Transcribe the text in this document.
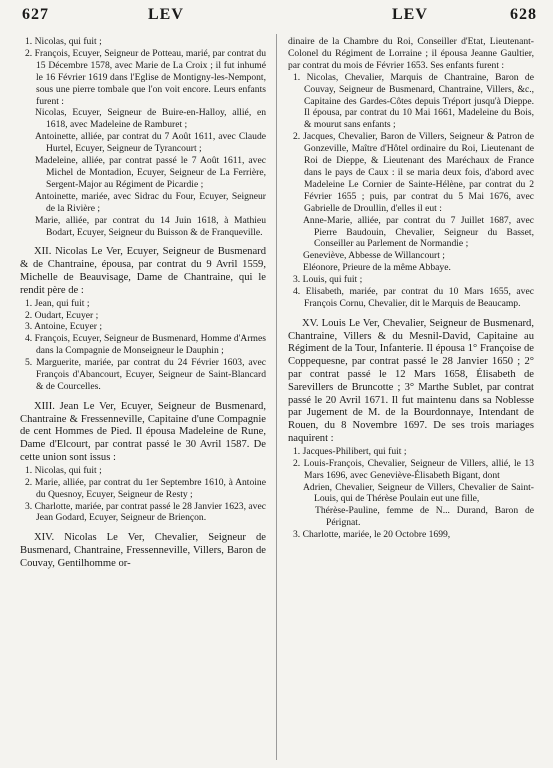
627	LEV	LEV	628

1. Nicolas, qui fuit ;

2. François, Ecuyer, Seigneur de Potteau, marié, par contrat du 15 Décembre 1578, avec Marie de La Croix ; il fut inhumé le 16 Février 1619 dans l'Eglise de Montigny-les-Nempont, sous une pierre tombale que l'on voit encore. Leurs enfants furent :

Nicolas, Ecuyer, Seigneur de Buire-en-Halloy, allié, en 1618, avec Madeleine de Ramburet ;

Antoinette, alliée, par contrat du 7 Août 1611, avec Claude Hurtel, Ecuyer, Seigneur de Tyrancourt ;

Madeleine, alliée, par contrat passé le 7 Août 1611, avec Michel de Montadion, Ecuyer, Seigneur de La Ferrière, Sergent-Major au Régiment de Picardie ;

Antoinette, mariée, avec Sidrac du Four, Ecuyer, Seigneur de la Rivière ;

Marie, alliée, par contrat du 14 Juin 1618, à Mathieu Bodart, Ecuyer, Seigneur du Buisson & de Franqueville.

XII. Nicolas Le Ver, Ecuyer, Seigneur de Busmenard & de Chantraine, épousa, par contrat du 9 Avril 1559, Michelle de Beauvisage, Dame de Chantraine, qui le rendit père de :

1. Jean, qui fuit ;

2. Oudart, Ecuyer ;

3. Antoine, Ecuyer ;

4. François, Ecuyer, Seigneur de Busmenard, Homme d'Armes dans la Compagnie de Monseigneur le Dauphin ;

5. Marguerite, mariée, par contrat du 24 Février 1603, avec François d'Abancourt, Ecuyer, Seigneur de Saint-Blancard & de Courcelles.

XIII. Jean Le Ver, Ecuyer, Seigneur de Busmenard, Chantraine & Fressenneville, Capitaine d'une Compagnie de cent Hommes de Pied. Il épousa Madeleine de Rune, Dame d'Elcourt, par contrat passé le 30 Avril 1587. De cette union sont issus :

1. Nicolas, qui fuit ;

2. Marie, alliée, par contrat du 1er Septembre 1610, à Antoine du Quesnoy, Ecuyer, Seigneur de Resty ;

3. Charlotte, mariée, par contrat passé le 28 Janvier 1623, avec Jean Godard, Ecuyer, Seigneur de Briençon.

XIV. Nicolas Le Ver, Chevalier, Seigneur de Busmenard, Chantraine, Fressenneville, Villers, Baron de Couvay, Gentilhomme or-

dinaire de la Chambre du Roi, Conseiller d'Etat, Lieutenant-Colonel du Régiment de Lorraine ; il épousa Jeanne Gaultier, par contrat du mois de Février 1653. Ses enfants furent :

1. Nicolas, Chevalier, Marquis de Chantraine, Baron de Couvay, Seigneur de Busmenard, Chantraine, Villers, &c., Capitaine des Gardes-Côtes depuis Tréport jusqu'à Dieppe. Il épousa, par contrat du 10 Mai 1661, Madeleine du Bois, & mourut sans enfants ;

2. Jacques, Chevalier, Baron de Villers, Seigneur & Patron de Gonzeville, Maître d'Hôtel ordinaire du Roi, Lieutenant de Roi de Dieppe, & Lieutenant des Maréchaux de France dans le pays de Caux : il se maria deux fois, d'abord avec Madeleine Le Cornier de Sainte-Hélène, par contrat du 2 Février 1655 ; puis, par contrat du 5 Mai 1676, avec Gabrielle de Droullin, d'elles il eut :

Anne-Marie, alliée, par contrat du 7 Juillet 1687, avec Pierre Baudouin, Chevalier, Seigneur du Basset, Conseiller au Parlement de Normandie ;

Geneviève, Abbesse de Willancourt ;

Eléonore, Prieure de la même Abbaye.

3. Louis, qui fuit ;

4. Elisabeth, mariée, par contrat du 10 Mars 1655, avec François Cornu, Chevalier, dit le Marquis de Beaucamp.

XV. Louis Le Ver, Chevalier, Seigneur de Busmenard, Chantraine, Villers & du Mesnil-David, Capitaine au Régiment de la Tour, Infanterie. Il épousa 1° Françoise de Coppequesne, par contrat passé le 28 Janvier 1650 ; 2° par contrat passé le 12 Mars 1658, Élisabeth de Sarevillers de Bruncotte ; 3° Marthe Sublet, par contrat passé le 20 Avril 1671. Il fut maintenu dans sa Noblesse par Jugement de M. de la Bourdonnaye, Intendant de Rouen, du 8 Novembre 1697. De ses trois mariages naquirent :

1. Jacques-Philibert, qui fuit ;

2. Louis-François, Chevalier, Seigneur de Villers, allié, le 13 Mars 1696, avec Geneviève-Élisabeth Bigant, dont

Adrien, Chevalier, Seigneur de Villers, Chevalier de Saint-Louis, qui de Thérèse Poulain eut une fille,

Thérèse-Pauline, femme de N... Durand, Baron de Pérignat.

3. Charlotte, mariée, le 20 Octobre 1699,
